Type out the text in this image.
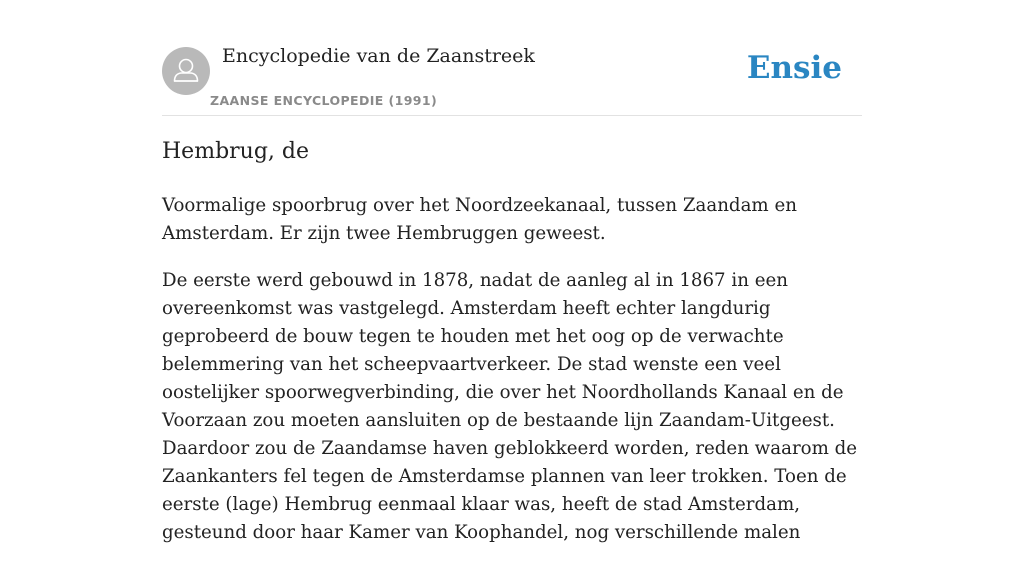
Encyclopedie van de Zaanstreek
ZAANSE ENCYCLOPEDIE (1991)
Ensie
Hembrug, de

Voormalige spoorbrug over het Noordzeekanaal, tussen Zaandam en Amsterdam. Er zijn twee Hembruggen geweest.

De eerste werd gebouwd in 1878, nadat de aanleg al in 1867 in een overeenkomst was vastgelegd. Amsterdam heeft echter langdurig geprobeerd de bouw tegen te houden met het oog op de verwachte belemmering van het scheepvaartverkeer. De stad wenste een veel oostelijker spoorwegverbinding, die over het Noordhollands Kanaal en de Voorzaan zou moeten aansluiten op de bestaande lijn Zaandam-Uitgeest. Daardoor zou de Zaandamse haven geblokkeerd worden, reden waarom de Zaankanters fel tegen de Amsterdamse plannen van leer trokken. Toen de eerste (lage) Hembrug eenmaal klaar was, heeft de stad Amsterdam, gesteund door haar Kamer van Koophandel, nog verschillende malen
